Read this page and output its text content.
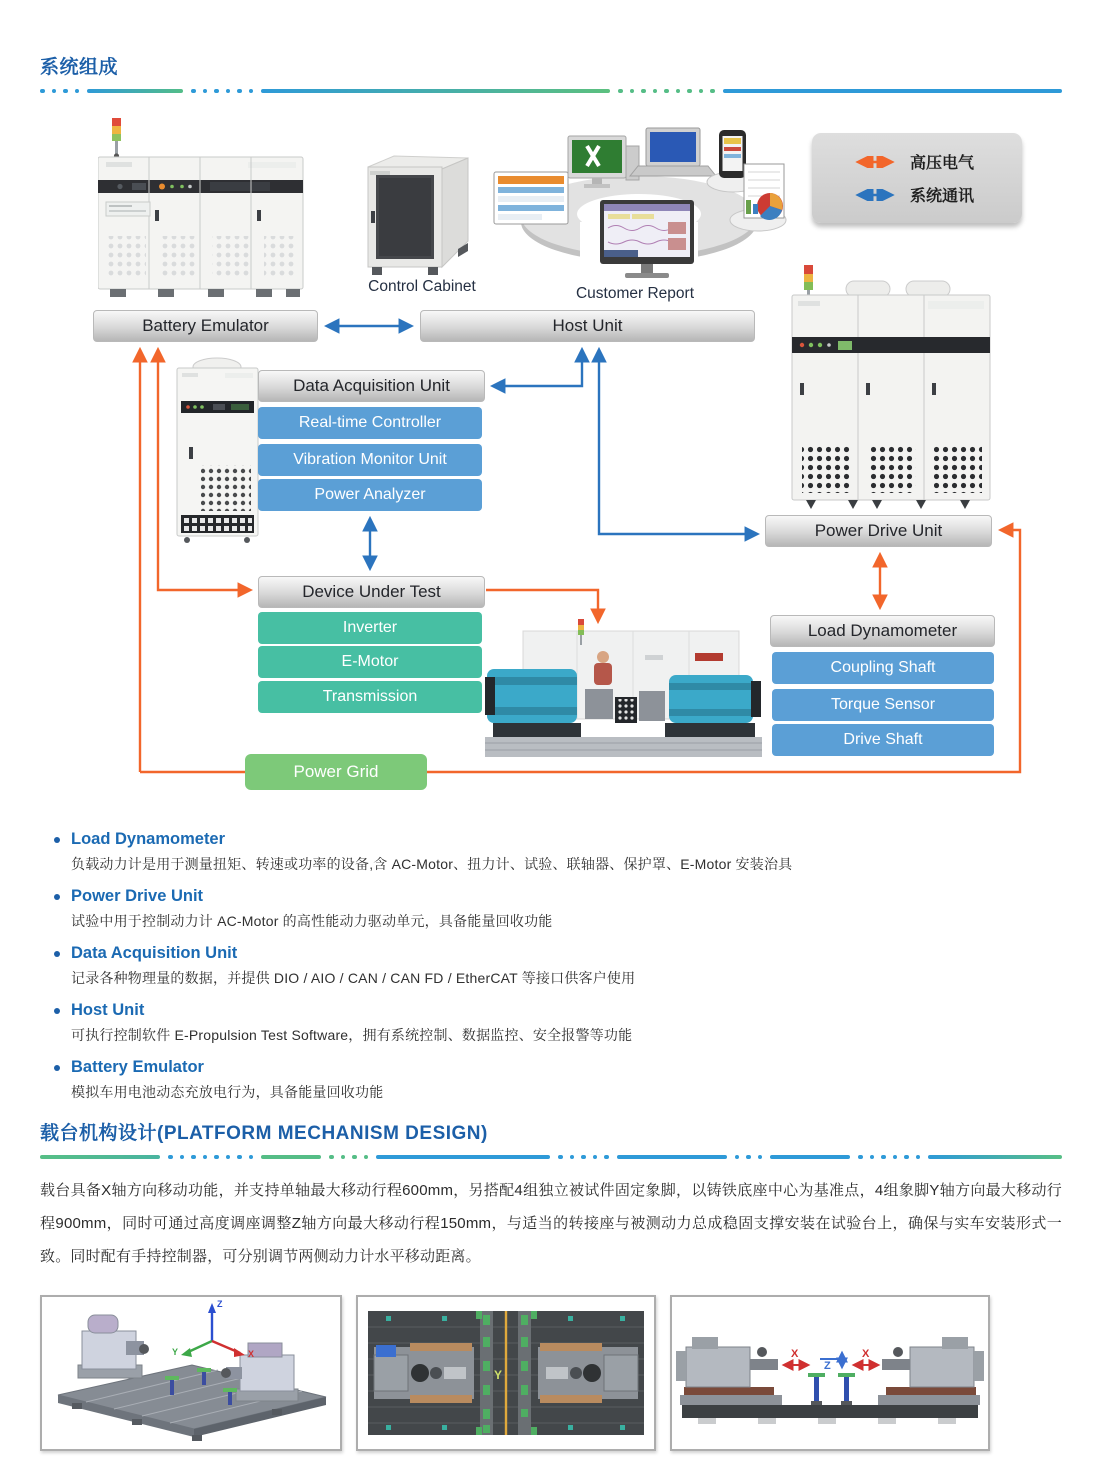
系统组成
Control Cabinet	Customer Report
高压电气
系统通讯
Battery Emulator	Host Unit
Data Acquisition Unit
Real-time Controller
Vibration Monitor Unit
Power Analyzer
Device Under Test
Inverter
E-Motor
Transmission
Power Grid
Power Drive Unit
Load Dynamometer
Coupling Shaft
Torque Sensor
Drive Shaft
Load Dynamometer
负载动力计是用于测量扭矩、转速或功率的设备,含 AC-Motor、扭力计、试验、联轴器、保护罩、E-Motor 安装治具
Power Drive Unit
试验中用于控制动力计 AC-Motor 的高性能动力驱动单元，具备能量回收功能
Data Acquisition Unit
记录各种物理量的数据，并提供 DIO / AIO / CAN / CAN FD / EtherCAT 等接口供客户使用
Host Unit
可执行控制软件 E-Propulsion Test Software，拥有系统控制、数据监控、安全报警等功能
Battery Emulator
模拟车用电池动态充放电行为，具备能量回收功能
载台机构设计(PLATFORM MECHANISM DESIGN)
载台具备X轴方向移动功能，并支持单轴最大移动行程600mm，另搭配4组独立被试件固定象脚，以铸铁底座中心为基准点，4组象脚Y轴方向最大移动行程900mm，同时可通过高度调座调整Z轴方向最大移动行程150mm，与适当的转接座与被测动力总成稳固支撑安装在试验台上，确保与实车安装形式一致。同时配有手持控制器，可分别调节两侧动力计水平移动距离。
Z
Y	X
Y
X	X
Z
